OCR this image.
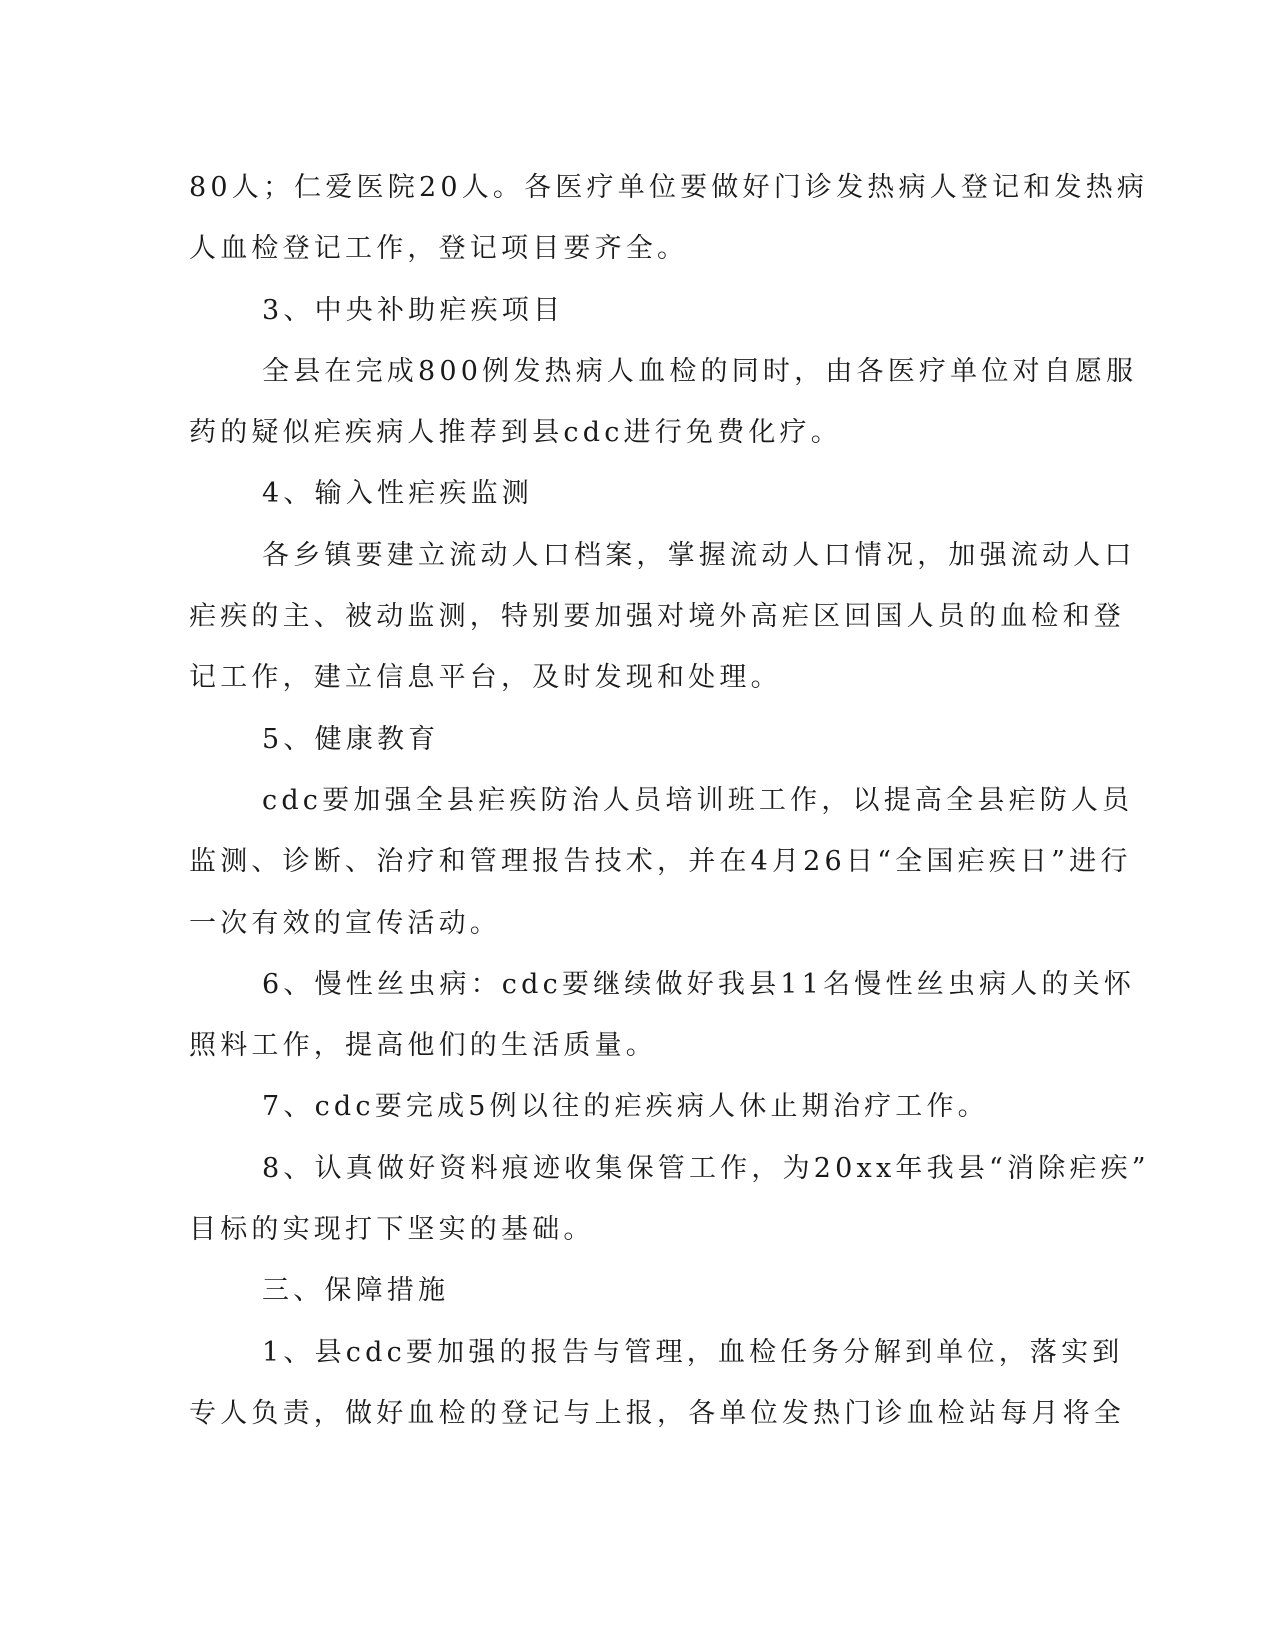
80人；仁爱医院20人。各医疗单位要做好门诊发热病人登记和发热病
人血检登记工作，登记项目要齐全。
3、中央补助疟疾项目
全县在完成800例发热病人血检的同时，由各医疗单位对自愿服
药的疑似疟疾病人推荐到县cdc进行免费化疗。
4、输入性疟疾监测
各乡镇要建立流动人口档案，掌握流动人口情况，加强流动人口
疟疾的主、被动监测，特别要加强对境外高疟区回国人员的血检和登
记工作，建立信息平台，及时发现和处理。
5、健康教育
cdc要加强全县疟疾防治人员培训班工作，以提高全县疟防人员
监测、诊断、治疗和管理报告技术，并在4月26日“全国疟疾日”进行
一次有效的宣传活动。
6、慢性丝虫病：cdc要继续做好我县11名慢性丝虫病人的关怀
照料工作，提高他们的生活质量。
7、cdc要完成5例以往的疟疾病人休止期治疗工作。
8、认真做好资料痕迹收集保管工作，为20xx年我县“消除疟疾”
目标的实现打下坚实的基础。
三、保障措施
1、县cdc要加强的报告与管理，血检任务分解到单位，落实到
专人负责，做好血检的登记与上报，各单位发热门诊血检站每月将全
